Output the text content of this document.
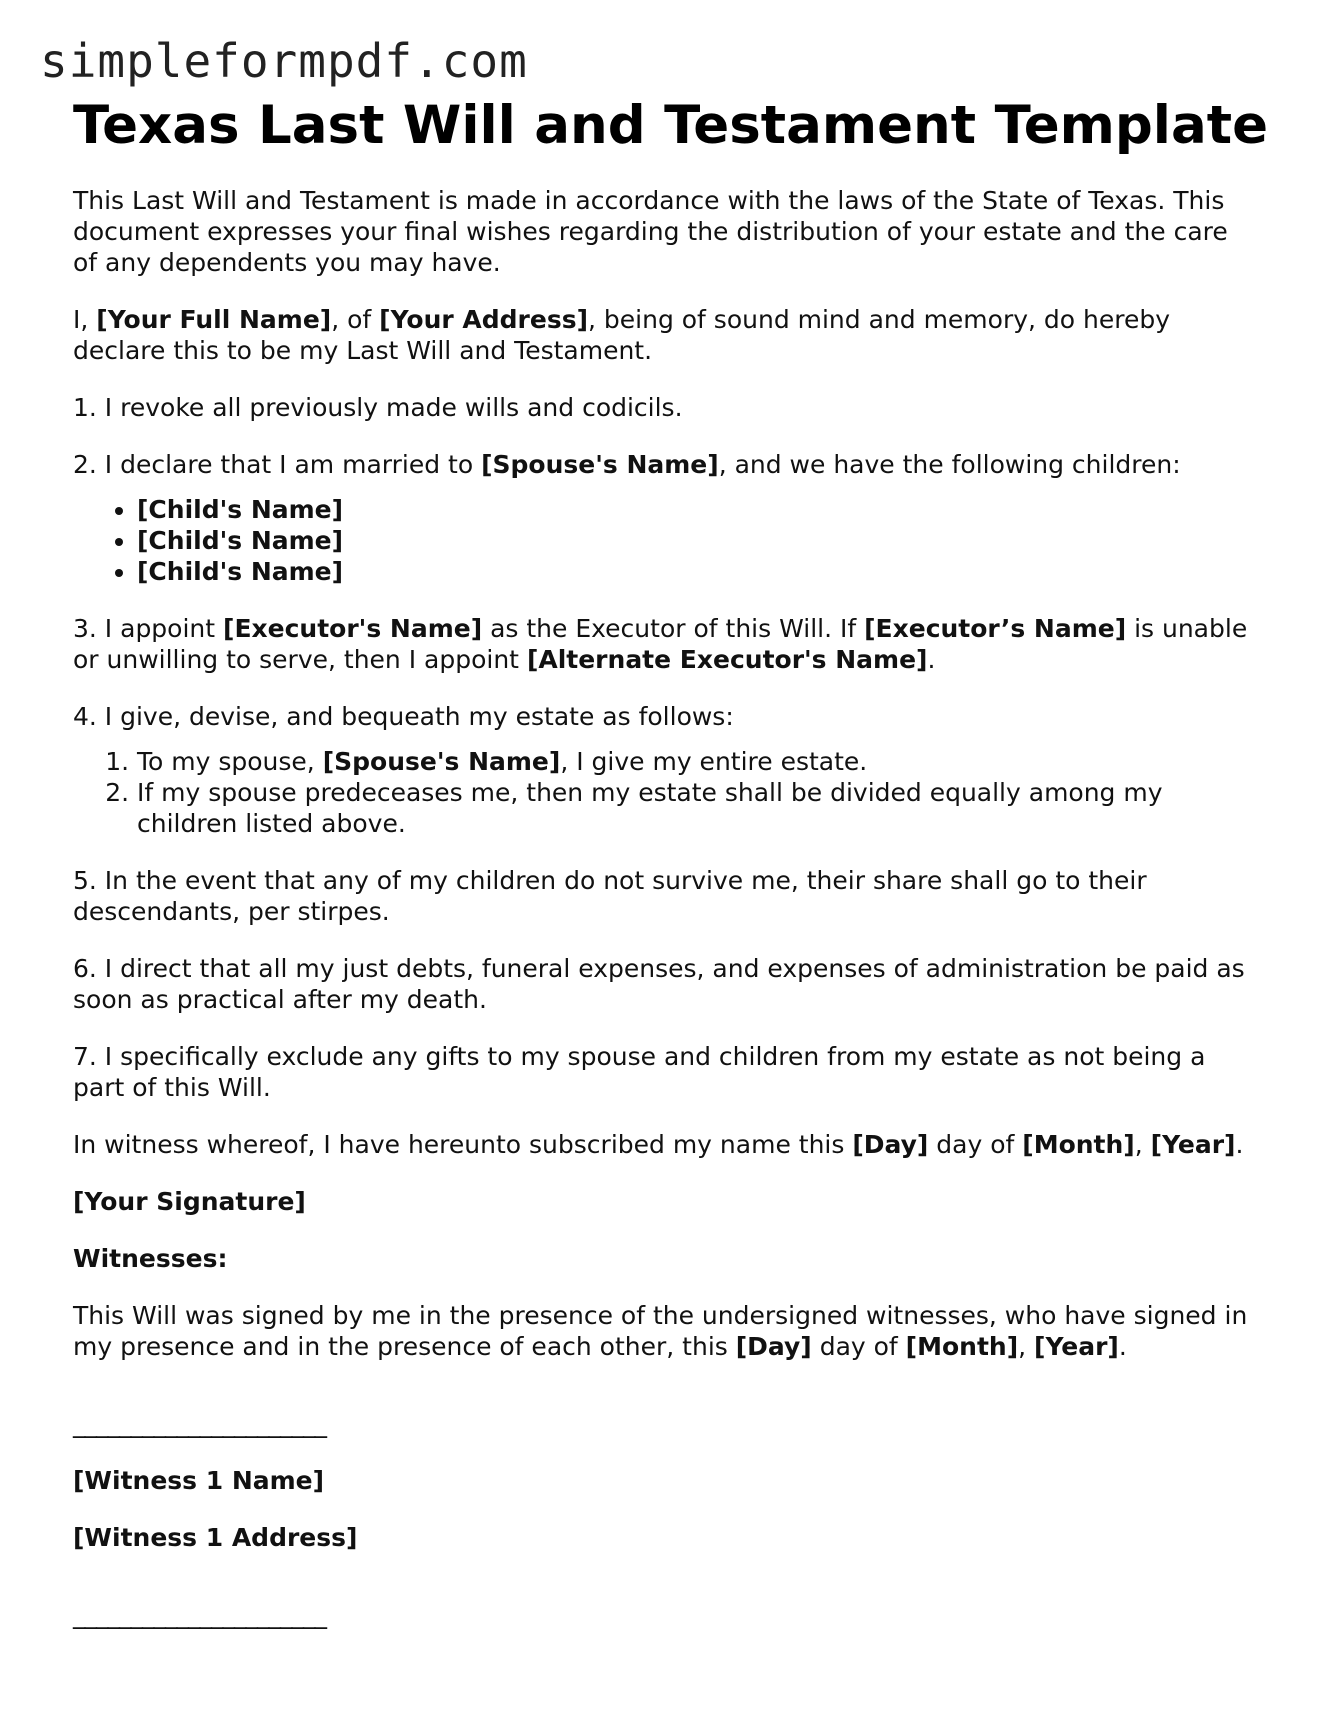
simpleformpdf.com
Texas Last Will and Testament Template

This Last Will and Testament is made in accordance with the laws of the State of Texas. This document expresses your final wishes regarding the distribution of your estate and the care of any dependents you may have.

I, [Your Full Name], of [Your Address], being of sound mind and memory, do hereby declare this to be my Last Will and Testament.

1. I revoke all previously made wills and codicils.

2. I declare that I am married to [Spouse's Name], and we have the following children:

• [Child's Name]
• [Child's Name]
• [Child's Name]

3. I appoint [Executor's Name] as the Executor of this Will. If [Executor’s Name] is unable or unwilling to serve, then I appoint [Alternate Executor's Name].

4. I give, devise, and bequeath my estate as follows:

1. To my spouse, [Spouse's Name], I give my entire estate.
2. If my spouse predeceases me, then my estate shall be divided equally among my children listed above.

5. In the event that any of my children do not survive me, their share shall go to their descendants, per stirpes.

6. I direct that all my just debts, funeral expenses, and expenses of administration be paid as soon as practical after my death.

7. I specifically exclude any gifts to my spouse and children from my estate as not being a part of this Will.

In witness whereof, I have hereunto subscribed my name this [Day] day of [Month], [Year].

[Your Signature]

Witnesses:

This Will was signed by me in the presence of the undersigned witnesses, who have signed in my presence and in the presence of each other, this [Day] day of [Month], [Year].

______________________

[Witness 1 Name]

[Witness 1 Address]

______________________
